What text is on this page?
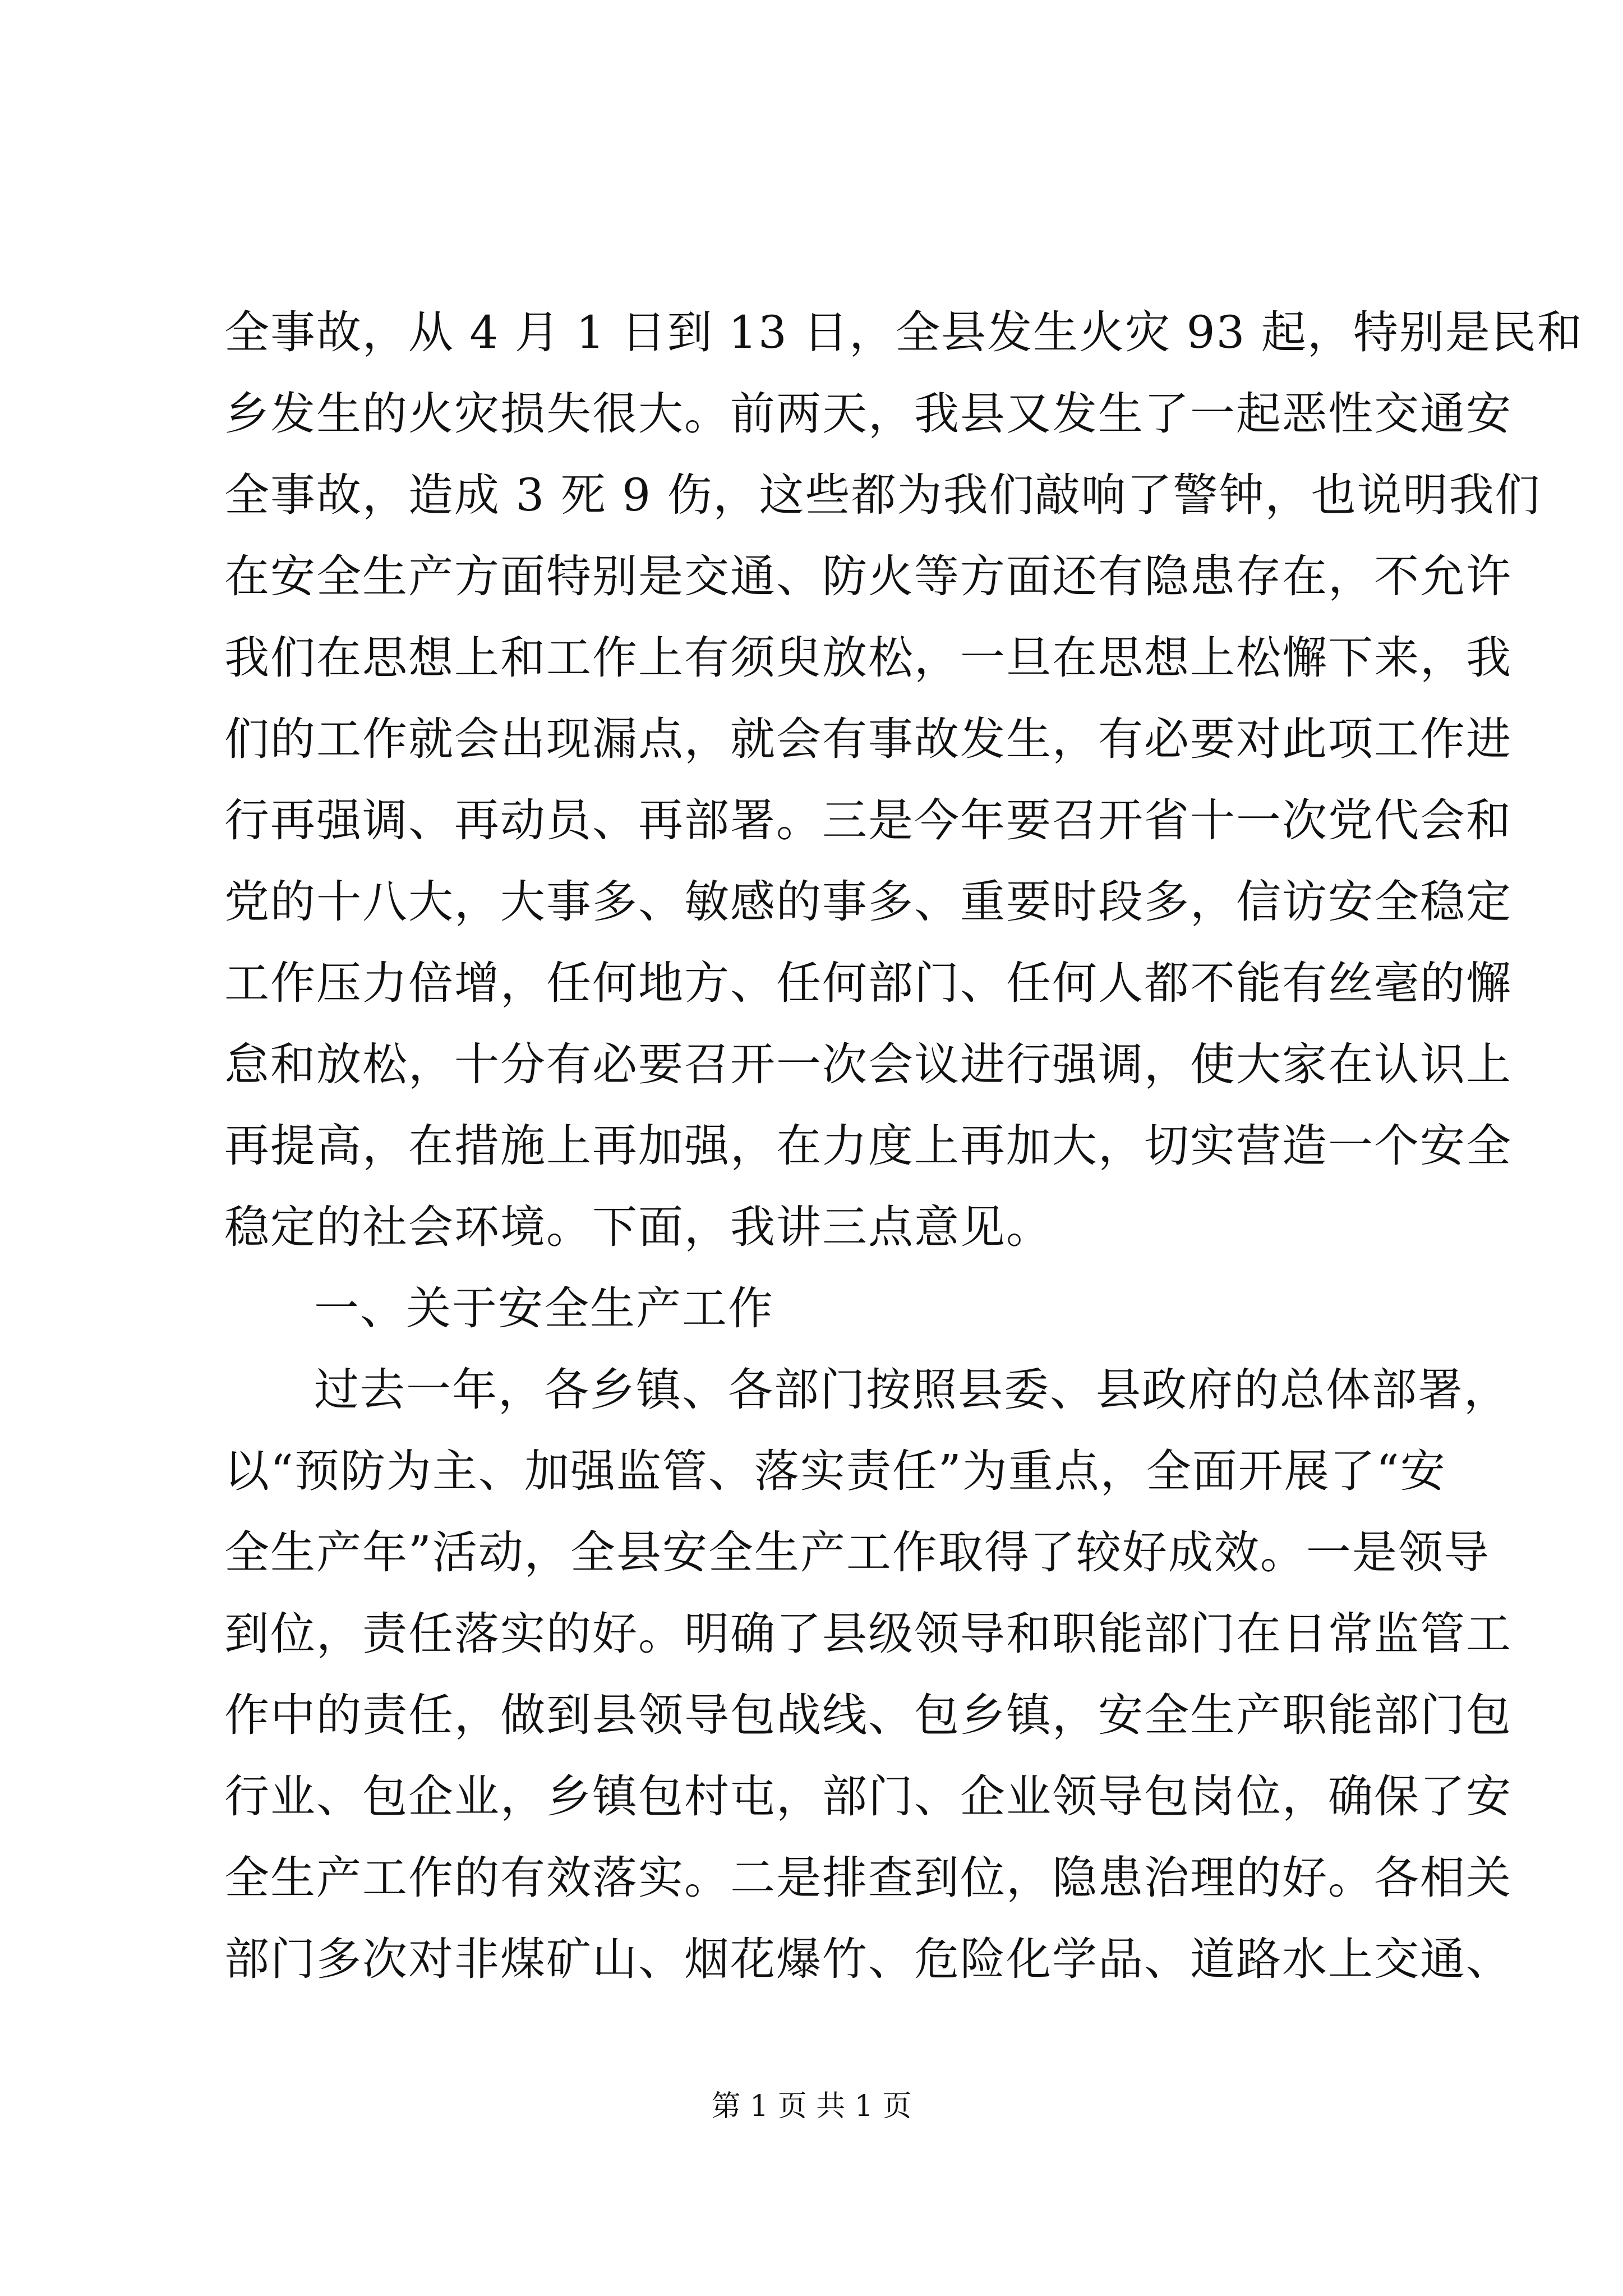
全事故，从 4 月 1 日到 13 日，全县发生火灾 93 起，特别是民和
乡发生的火灾损失很大。前两天，我县又发生了一起恶性交通安
全事故，造成 3 死 9 伤，这些都为我们敲响了警钟，也说明我们
在安全生产方面特别是交通、防火等方面还有隐患存在，不允许
我们在思想上和工作上有须臾放松，一旦在思想上松懈下来，我
们的工作就会出现漏点，就会有事故发生，有必要对此项工作进
行再强调、再动员、再部署。三是今年要召开省十一次党代会和
党的十八大，大事多、敏感的事多、重要时段多，信访安全稳定
工作压力倍增，任何地方、任何部门、任何人都不能有丝毫的懈
怠和放松，十分有必要召开一次会议进行强调，使大家在认识上
再提高，在措施上再加强，在力度上再加大，切实营造一个安全
稳定的社会环境。下面，我讲三点意见。
一、关于安全生产工作
过去一年，各乡镇、各部门按照县委、县政府的总体部署，
以“预防为主、加强监管、落实责任”为重点，全面开展了“安
全生产年”活动，全县安全生产工作取得了较好成效。一是领导
到位，责任落实的好。明确了县级领导和职能部门在日常监管工
作中的责任，做到县领导包战线、包乡镇，安全生产职能部门包
行业、包企业，乡镇包村屯，部门、企业领导包岗位，确保了安
全生产工作的有效落实。二是排查到位，隐患治理的好。各相关
部门多次对非煤矿山、烟花爆竹、危险化学品、道路水上交通、
第 1 页 共 1 页
